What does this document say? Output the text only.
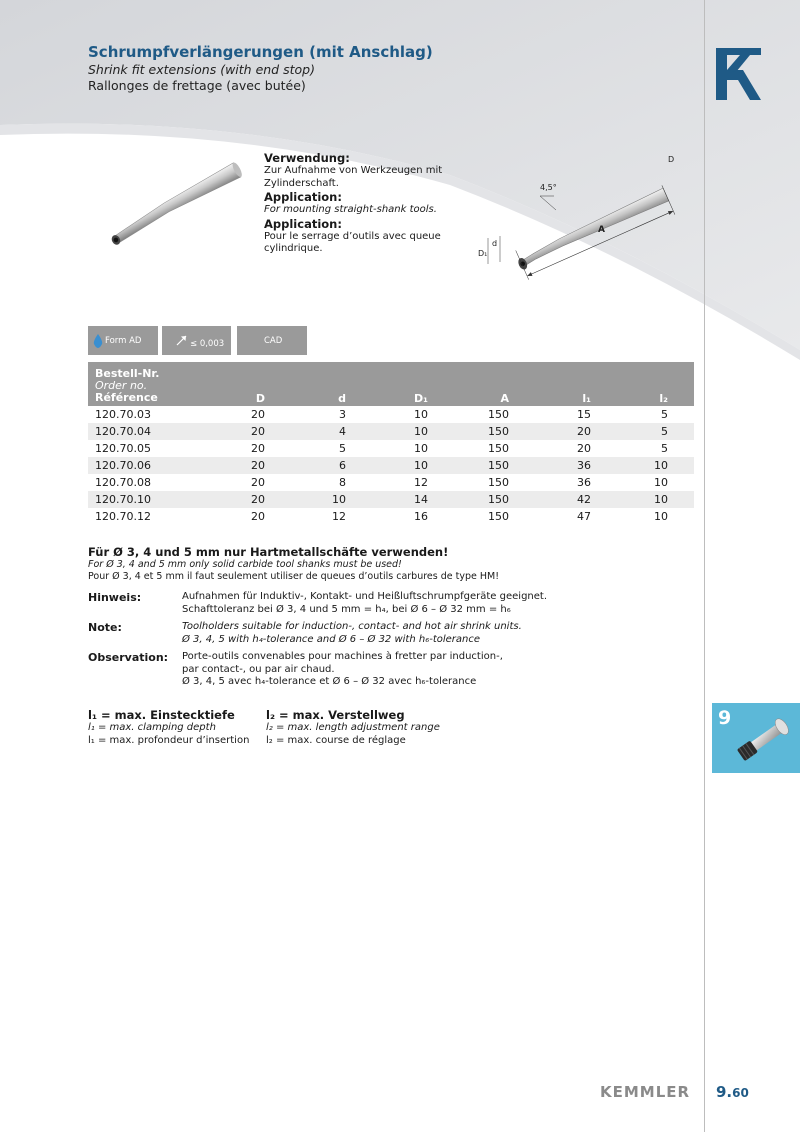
Schrumpfverlängerungen (mit Anschlag)
Shrink fit extensions (with end stop)
Rallonges de frettage (avec butée)
Verwendung:
Zur Aufnahme von Werkzeugen mit Zylinderschaft.
Application:
For mounting straight-shank tools.
Application:
Pour le serrage d’outils avec queue cylindrique.
4,5°
D
A
D₁
d
Form AD	≤ 0,003	CAD
Bestell-Nr.
Order no.
Référence	D	d	D₁	A	l₁	l₂
120.70.03	20	3	10	150	15	5
120.70.04	20	4	10	150	20	5
120.70.05	20	5	10	150	20	5
120.70.06	20	6	10	150	36	10
120.70.08	20	8	12	150	36	10
120.70.10	20	10	14	150	42	10
120.70.12	20	12	16	150	47	10
Für Ø 3, 4 und 5 mm nur Hartmetallschäfte verwenden!
For Ø 3, 4 and 5 mm only solid carbide tool shanks must be used!
Pour Ø 3, 4 et 5 mm il faut seulement utiliser de queues d’outils carbures de type HM!
Hinweis:	Aufnahmen für Induktiv-, Kontakt- und Heißluftschrumpfgeräte geeignet.
Schafttoleranz bei Ø 3, 4 und 5 mm = h₄, bei Ø 6 – Ø 32 mm = h₆
Note:	Toolholders suitable for induction-, contact- and hot air shrink units.
Ø 3, 4, 5 with h₄-tolerance and Ø 6 – Ø 32 with h₆-tolerance
Observation: Porte-outils convenables pour machines à fretter par induction-,
par contact-, ou par air chaud.
Ø 3, 4, 5 avec h₄-tolerance et Ø 6 – Ø 32 avec h₆-tolerance
l₁ = max. Einstecktiefe
l₁ = max. clamping depth
l₁ = max. profondeur d’insertion
l₂ = max. Verstellweg
l₂ = max. length adjustment range
l₂ = max. course de réglage
9
KEMMLER 9.60
